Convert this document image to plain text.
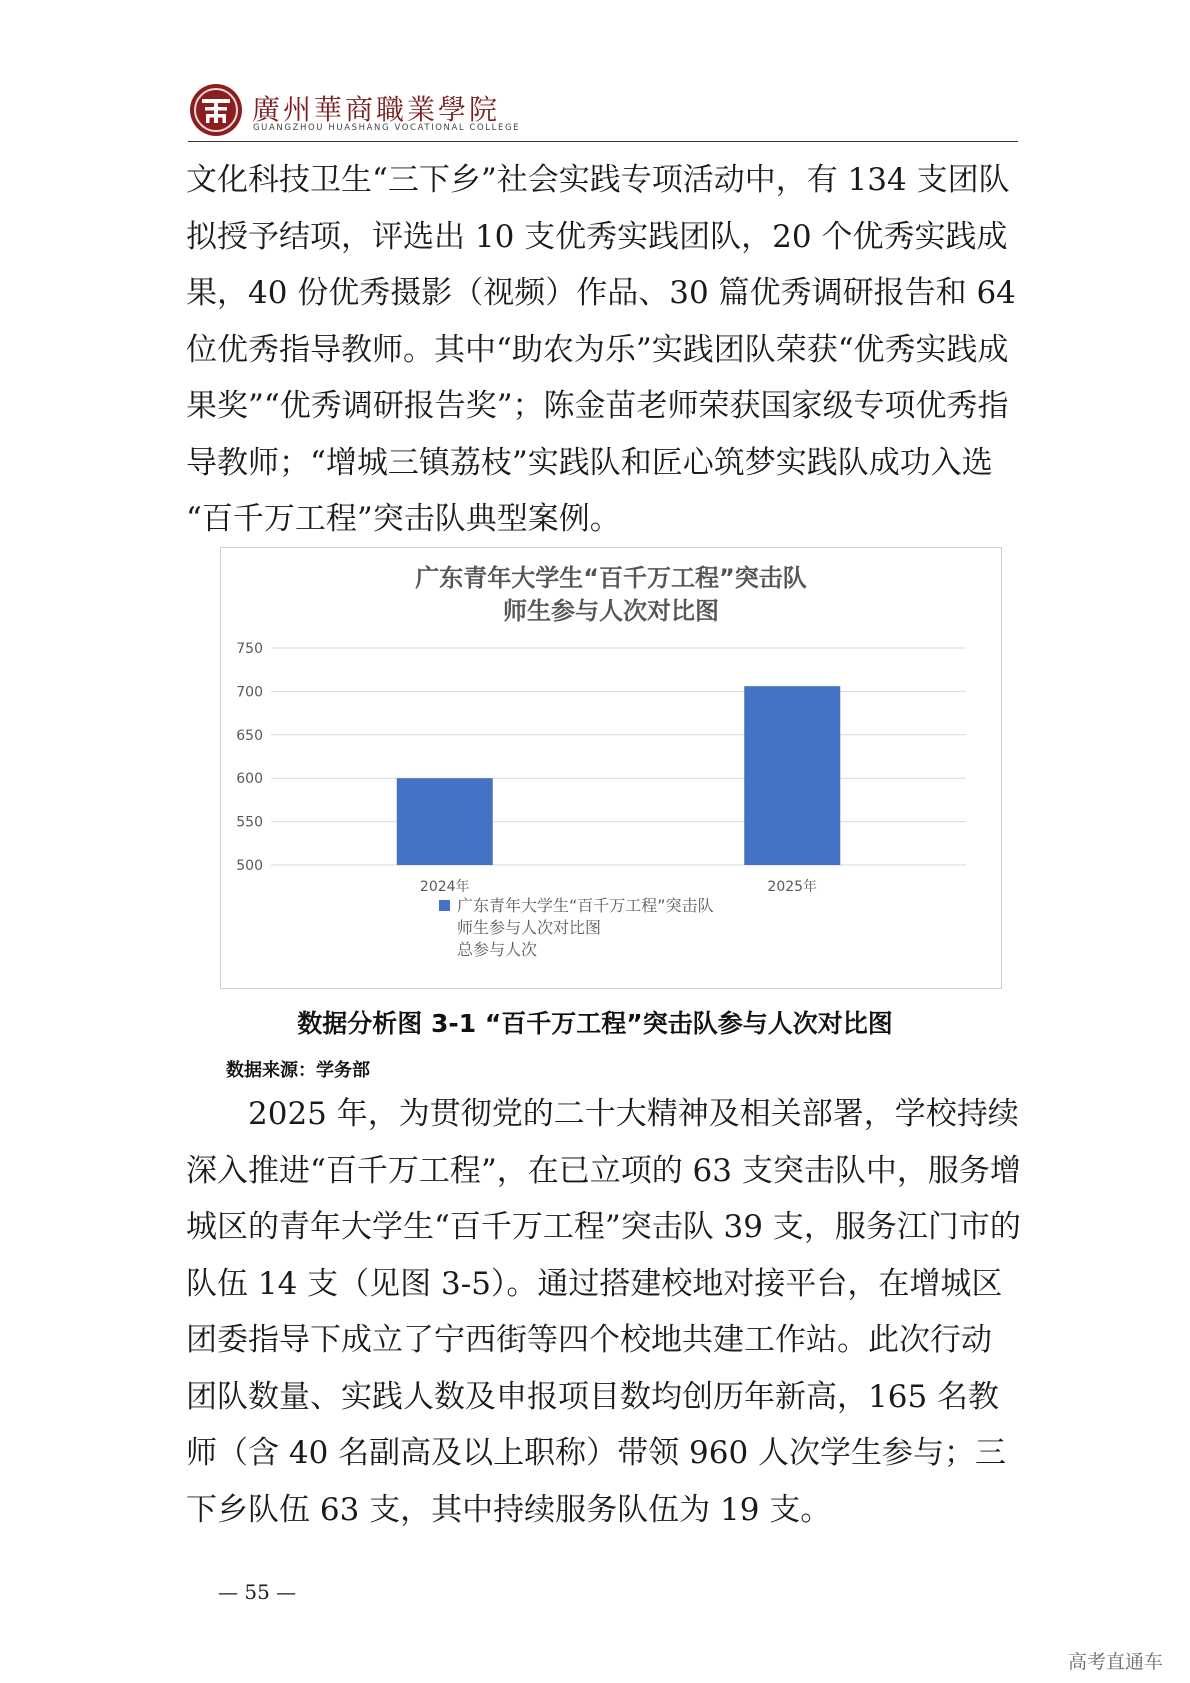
廣州華商職業學院
GUANGZHOU HUASHANG VOCATIONAL COLLEGE
文化科技卫生“三下乡”社会实践专项活动中，有 134 支团队
拟授予结项，评选出 10 支优秀实践团队，20 个优秀实践成
果，40 份优秀摄影（视频）作品、30 篇优秀调研报告和 64
位优秀指导教师。其中“助农为乐”实践团队荣获“优秀实践成
果奖”“优秀调研报告奖”；陈金苗老师荣获国家级专项优秀指
导教师；“增城三镇荔枝”实践队和匠心筑梦实践队成功入选
“百千万工程”突击队典型案例。
广东青年大学生“百千万工程”突击队
师生参与人次对比图
500
550
600
650
700
750
2024年	2025年
广东青年大学生“百千万工程”突击队
师生参与人次对比图
总参与人次
数据分析图 3-1 “百千万工程”突击队参与人次对比图
数据来源：学务部
　　2025 年，为贯彻党的二十大精神及相关部署，学校持续
深入推进“百千万工程”，在已立项的 63 支突击队中，服务增
城区的青年大学生“百千万工程”突击队 39 支，服务江门市的
队伍 14 支（见图 3-5）。通过搭建校地对接平台，在增城区
团委指导下成立了宁西街等四个校地共建工作站。此次行动
团队数量、实践人数及申报项目数均创历年新高，165 名教
师（含 40 名副高及以上职称）带领 960 人次学生参与；三
下乡队伍 63 支，其中持续服务队伍为 19 支。
— 55 —
高考直通车
